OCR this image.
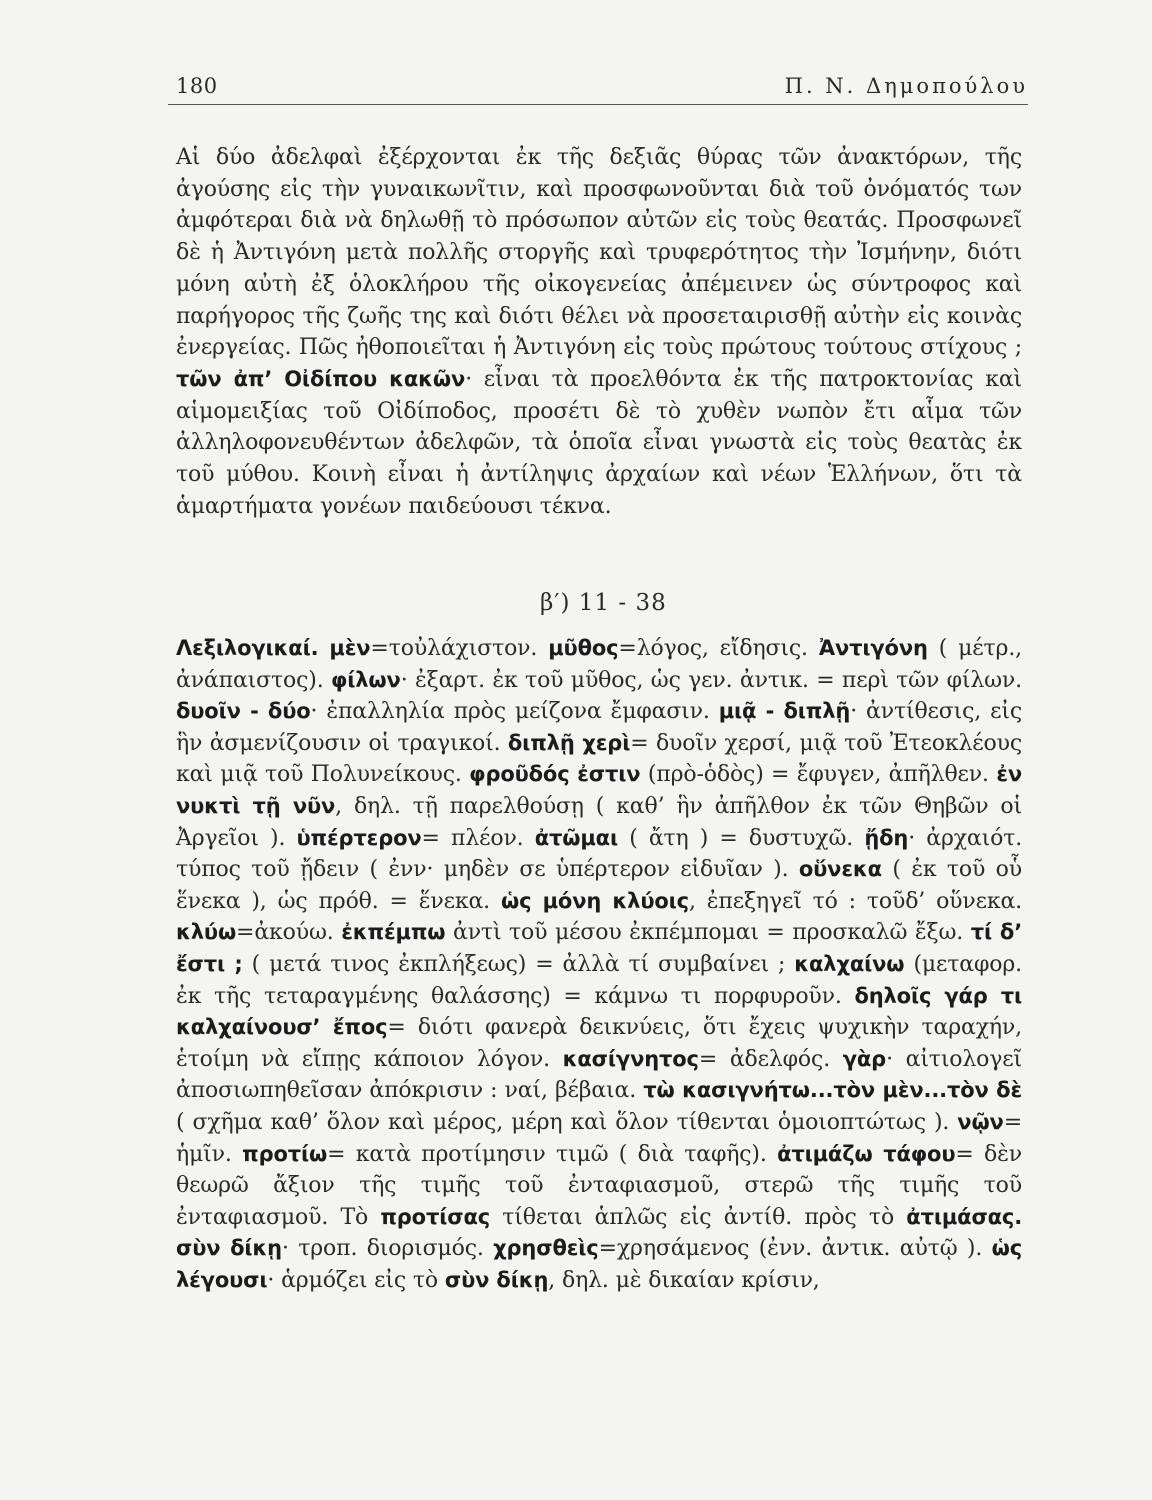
180	Π. Ν. Δημοπούλου

Αἱ δύο ἀδελφαὶ ἐξέρχονται ἐκ τῆς δεξιᾶς θύρας τῶν ἀνακτόρων, τῆς ἀγούσης εἰς τὴν γυναικωνῖτιν, καὶ προσφωνοῦνται διὰ τοῦ ὀνόματός των ἀμφότεραι διὰ νὰ δηλωθῇ τὸ πρόσωπον αὐτῶν εἰς τοὺς θεατάς. Προσφωνεῖ δὲ ἡ Ἀντιγόνη μετὰ πολλῆς στοργῆς καὶ τρυφερότητος τὴν Ἰσμήνην, διότι μόνη αὐτὴ ἐξ ὁλοκλήρου τῆς οἰκογενείας ἀπέμεινεν ὡς σύντροφος καὶ παρήγορος τῆς ζωῆς της καὶ διότι θέλει νὰ προσεταιρισθῇ αὐτὴν εἰς κοινὰς ἐνεργείας. Πῶς ἠθοποιεῖται ἡ Ἀντιγόνη εἰς τοὺς πρώτους τούτους στίχους ; τῶν ἀπ’ Οἰδίπου κακῶν· εἶναι τὰ προελθόντα ἐκ τῆς πατροκτονίας καὶ αἱμομειξίας τοῦ Οἰδίποδος, προσέτι δὲ τὸ χυθὲν νωπὸν ἔτι αἷμα τῶν ἀλληλοφονευθέντων ἀδελφῶν, τὰ ὁποῖα εἶναι γνωστὰ εἰς τοὺς θεατὰς ἐκ τοῦ μύθου. Κοινὴ εἶναι ἡ ἀντίληψις ἀρχαίων καὶ νέων Ἑλλήνων, ὅτι τὰ ἁμαρτήματα γονέων παιδεύουσι τέκνα.

β′) 11 - 38

Λεξιλογικαί. μὲν=τοὐλάχιστον. μῦθος=λόγος, εἴδησις. Ἀντιγόνη ( μέτρ., ἀνάπαιστος). φίλων· ἐξαρτ. ἐκ τοῦ μῦθος, ὡς γεν. ἀντικ. = περὶ τῶν φίλων. δυοῖν - δύο· ἐπαλληλία πρὸς μείζονα ἔμφασιν. μιᾷ - διπλῇ· ἀντίθεσις, εἰς ἣν ἀσμενίζουσιν οἱ τραγικοί. διπλῇ χερὶ= δυοῖν χερσί, μιᾷ τοῦ Ἐτεοκλέους καὶ μιᾷ τοῦ Πολυνείκους. φροῦδός ἐστιν (πρὸ-ὁδὸς) = ἔφυγεν, ἀπῆλθεν. ἐν νυκτὶ τῇ νῦν, δηλ. τῇ παρελθούσῃ ( καθ’ ἣν ἀπῆλθον ἐκ τῶν Θηβῶν οἱ Ἀργεῖοι ). ὑπέρτερον= πλέον. ἀτῶμαι ( ἄτη ) = δυστυχῶ. ᾔδη· ἀρχαιότ. τύπος τοῦ ᾔδειν ( ἐνν· μηδὲν σε ὑπέρτερον εἰδυῖαν ). οὕνεκα ( ἐκ τοῦ οὗ ἕνεκα ), ὡς πρόθ. = ἕνεκα. ὡς μόνη κλύοις, ἐπεξηγεῖ τό : τοῦδ’ οὕνεκα. κλύω=ἀκούω. ἐκπέμπω ἀντὶ τοῦ μέσου ἐκπέμπομαι = προσκαλῶ ἔξω. τί δ’ ἔστι ; ( μετά τινος ἐκπλήξεως) = ἀλλὰ τί συμβαίνει ; καλχαίνω (μεταφορ. ἐκ τῆς τεταραγμένης θαλάσσης) = κάμνω τι πορφυροῦν. δηλοῖς γάρ τι καλχαίνουσ’ ἔπος= διότι φανερὰ δεικνύεις, ὅτι ἔχεις ψυχικὴν ταραχήν, ἑτοίμη νὰ εἴπῃς κάποιον λόγον. κασίγνητος= ἀδελφός. γὰρ· αἰτιολογεῖ ἀποσιωπηθεῖσαν ἀπόκρισιν : ναί, βέβαια. τὼ κασιγνήτω...τὸν μὲν...τὸν δὲ ( σχῆμα καθ’ ὅλον καὶ μέρος, μέρη καὶ ὅλον τίθενται ὁμοιοπτώτως ). νῷν= ἡμῖν. προτίω= κατὰ προτίμησιν τιμῶ ( διὰ ταφῆς). ἀτιμάζω τάφου= δὲν θεωρῶ ἄξιον τῆς τιμῆς τοῦ ἐνταφιασμοῦ, στερῶ τῆς τιμῆς τοῦ ἐνταφιασμοῦ. Τὸ προτίσας τίθεται ἁπλῶς εἰς ἀντίθ. πρὸς τὸ ἀτιμάσας. σὺν δίκῃ· τροπ. διορισμός. χρησθεὶς=χρησάμενος (ἐνν. ἀντικ. αὐτῷ ). ὡς λέγουσι· ἁρμόζει εἰς τὸ σὺν δίκῃ, δηλ. μὲ δικαίαν κρίσιν,
